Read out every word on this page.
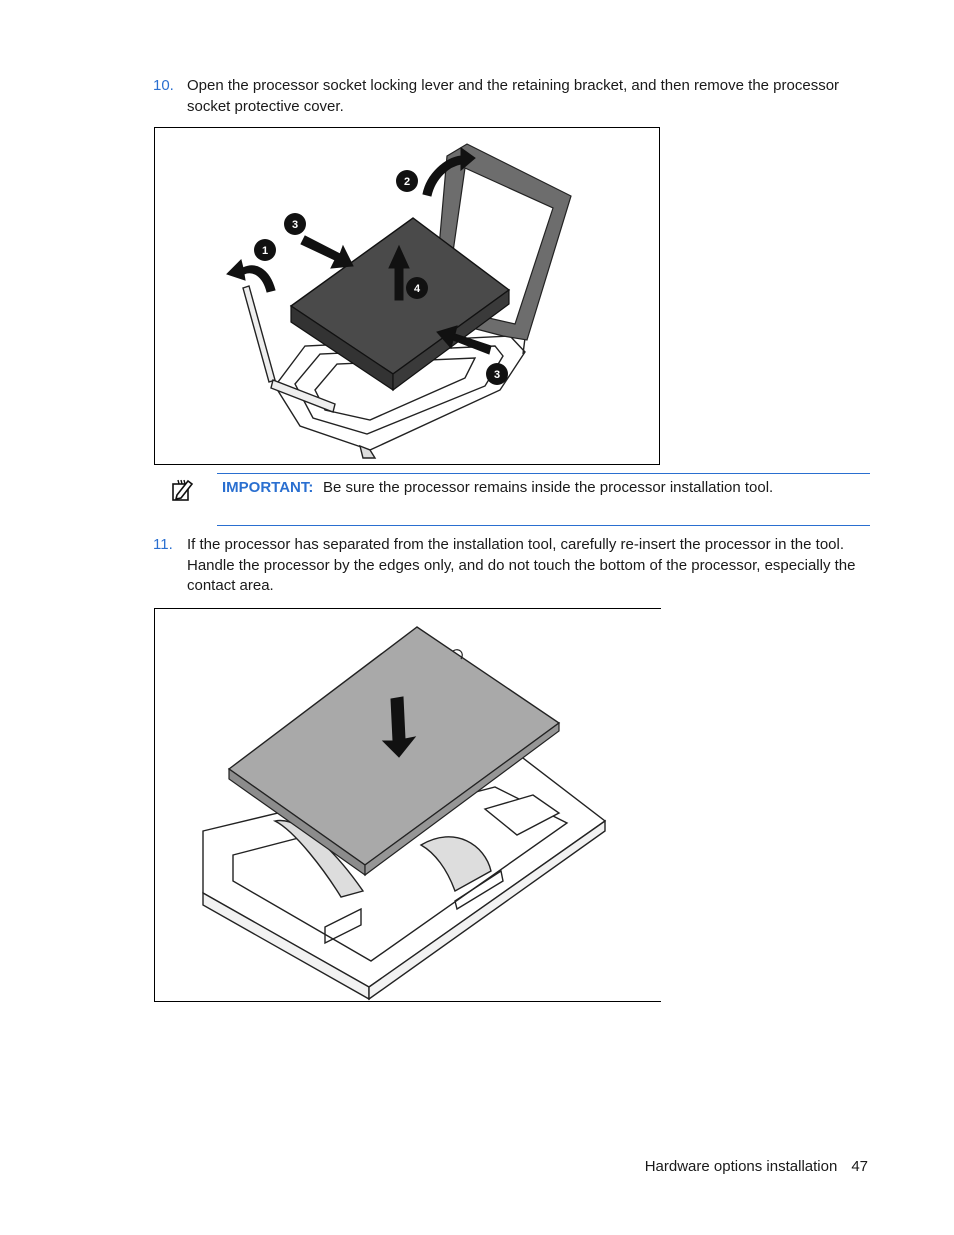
10. Open the processor socket locking lever and the retaining bracket, and then remove the processor
socket protective cover.
1
2
3
3
4
IMPORTANT: Be sure the processor remains inside the processor installation tool.
11. If the processor has separated from the installation tool, carefully re-insert the processor in the tool.
Handle the processor by the edges only, and do not touch the bottom of the processor, especially the
contact area.
Hardware options installation 47
